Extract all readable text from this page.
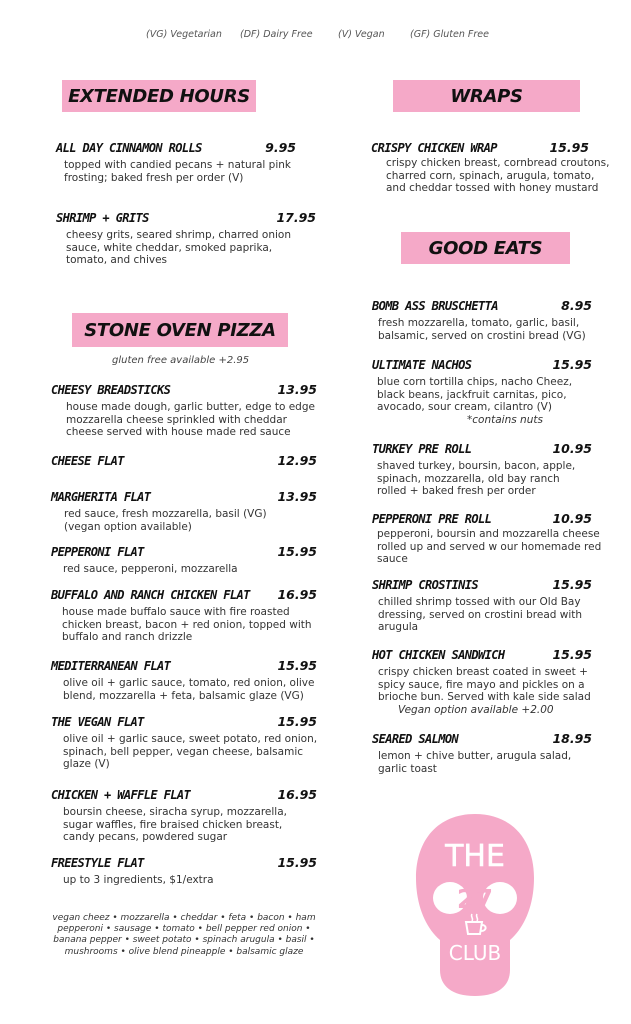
(VG) Vegetarian (DF) Dairy Free	(V) Vegan	(GF) Gluten Free
EXTENDED HOURS	WRAPS
GOOD EATS
STONE OVEN PIZZA
gluten free available +2.95
ALL DAY CINNAMON ROLLS	9.95
topped with candied pecans + natural pink frosting; baked fresh per order (V)
SHRIMP + GRITS	17.95
cheesy grits, seared shrimp, charred onion sauce, white cheddar, smoked paprika, tomato, and chives
CHEESY BREADSTICKS	13.95
house made dough, garlic butter, edge to edge mozzarella cheese sprinkled with cheddar cheese served with house made red sauce
CHEESE FLAT	12.95
MARGHERITA FLAT	13.95
red sauce, fresh mozzarella, basil (VG) (vegan option available)
PEPPERONI FLAT	15.95
red sauce, pepperoni, mozzarella
BUFFALO AND RANCH CHICKEN FLAT 16.95
house made buffalo sauce with fire roasted chicken breast, bacon + red onion, topped with buffalo and ranch drizzle
MEDITERRANEAN FLAT	15.95
olive oil + garlic sauce, tomato, red onion, olive blend, mozzarella + feta, balsamic glaze (VG)
THE VEGAN FLAT	15.95
olive oil + garlic sauce, sweet potato, red onion, spinach, bell pepper, vegan cheese, balsamic glaze (V)
CHICKEN + WAFFLE FLAT	16.95
boursin cheese, siracha syrup, mozzarella, sugar waffles, fire braised chicken breast, candy pecans, powdered sugar
FREESTYLE FLAT	15.95
up to 3 ingredients, $1/extra
vegan cheez • mozzarella • cheddar • feta • bacon • ham pepperoni • sausage • tomato • bell pepper red onion • banana pepper • sweet potato • spinach arugula • basil • mushrooms • olive blend pineapple • balsamic glaze
CRISPY CHICKEN WRAP	15.95
crispy chicken breast, cornbread croutons, charred corn, spinach, arugula, tomato, and cheddar tossed with honey mustard
BOMB ASS BRUSCHETTA	8.95
fresh mozzarella, tomato, garlic, basil, balsamic, served on crostini bread (VG)
ULTIMATE NACHOS	15.95
blue corn tortilla chips, nacho Cheez, black beans, jackfruit carnitas, pico, avocado, sour cream, cilantro (V)
*contains nuts
TURKEY PRE ROLL	10.95
shaved turkey, boursin, bacon, apple, spinach, mozzarella, old bay ranch rolled + baked fresh per order
PEPPERONI PRE ROLL	10.95
pepperoni, boursin and mozzarella cheese rolled up and served w our homemade red sauce
SHRIMP CROSTINIS	15.95
chilled shrimp tossed with our Old Bay dressing, served on crostini bread with arugula
HOT CHICKEN SANDWICH	15.95
crispy chicken breast coated in sweet + spicy sauce, fire mayo and pickles on a brioche bun. Served with kale side salad
Vegan option available +2.00
SEARED SALMON	18.95
lemon + chive butter, arugula salad, garlic toast
THE
27
CLUB
